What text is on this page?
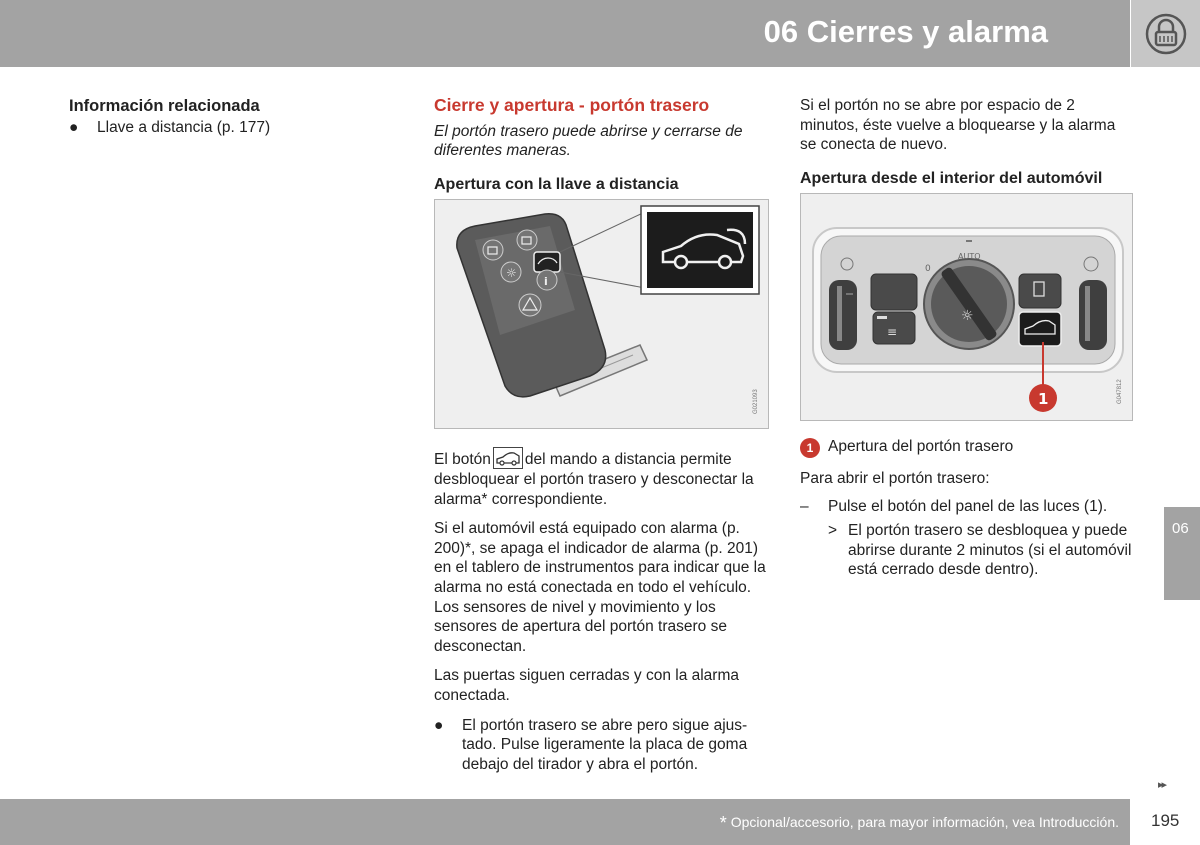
06 Cierres y alarma
Información relacionada
● Llave a distancia (p. 177)
Cierre y apertura - portón trasero
El portón trasero puede abrirse y cerrarse de diferentes maneras.
Apertura con la llave a distancia
☼
i
G021093

El botón del mando a distancia permite desbloquear el portón trasero y desconectar la alarma* correspondiente.

Si el automóvil está equipado con alarma (p. 200)*, se apaga el indicador de alarma (p. 201) en el tablero de instrumentos para indicar que la alarma no está conectada en todo el vehículo. Los sensores de nivel y movimiento y los sensores de apertura del portón trasero se desconectan.

Las puertas siguen cerradas y con la alarma conectada.

● El portón trasero se abre pero sigue ajustado. Pulse ligeramente la placa de goma debajo del tirador y abra el portón.

Si el portón no se abre por espacio de 2 minutos, éste vuelve a bloquearse y la alarma se conecta de nuevo.

Apertura desde el interior del automóvil
≡
☼
AUTO
0
1	G047812
1 Apertura del portón trasero

Para abrir el portón trasero:

– Pulse el botón del panel de las luces (1).
> El portón trasero se desbloquea y puede abrirse durante 2 minutos (si el automóvil está cerrado desde dentro).
06
▸▸
* Opcional/accesorio, para mayor información, vea Introducción. 195
